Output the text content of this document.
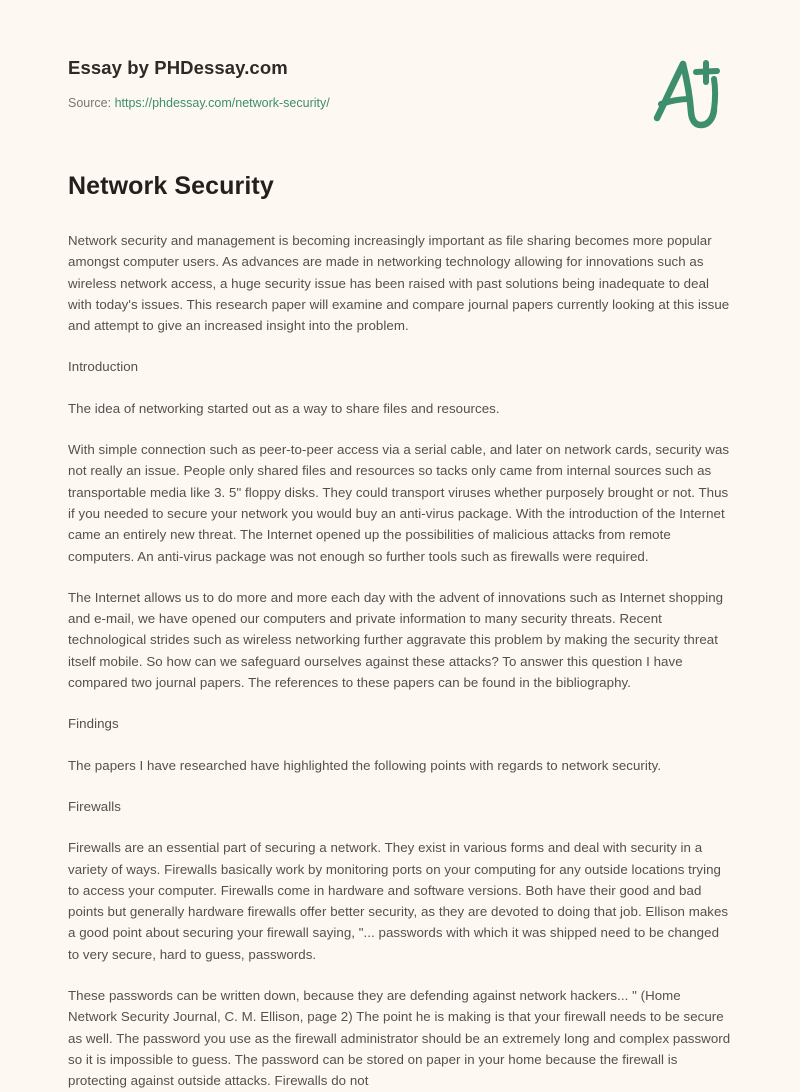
Essay by PHDessay.com
Source: https://phdessay.com/network-security/
Network Security

Network security and management is becoming increasingly important as file sharing becomes more popular amongst computer users. As advances are made in networking technology allowing for innovations such as wireless network access, a huge security issue has been raised with past solutions being inadequate to deal with today's issues. This research paper will examine and compare journal papers currently looking at this issue and attempt to give an increased insight into the problem.

Introduction

The idea of networking started out as a way to share files and resources.

With simple connection such as peer-to-peer access via a serial cable, and later on network cards, security was not really an issue. People only shared files and resources so tacks only came from internal sources such as transportable media like 3. 5" floppy disks. They could transport viruses whether purposely brought or not. Thus if you needed to secure your network you would buy an anti-virus package. With the introduction of the Internet came an entirely new threat. The Internet opened up the possibilities of malicious attacks from remote computers. An anti-virus package was not enough so further tools such as firewalls were required.

The Internet allows us to do more and more each day with the advent of innovations such as Internet shopping and e-mail, we have opened our computers and private information to many security threats. Recent technological strides such as wireless networking further aggravate this problem by making the security threat itself mobile. So how can we safeguard ourselves against these attacks? To answer this question I have compared two journal papers. The references to these papers can be found in the bibliography.

Findings

The papers I have researched have highlighted the following points with regards to network security.

Firewalls

Firewalls are an essential part of securing a network. They exist in various forms and deal with security in a variety of ways. Firewalls basically work by monitoring ports on your computing for any outside locations trying to access your computer. Firewalls come in hardware and software versions. Both have their good and bad points but generally hardware firewalls offer better security, as they are devoted to doing that job. Ellison makes a good point about securing your firewall saying, "... passwords with which it was shipped need to be changed to very secure, hard to guess, passwords.

These passwords can be written down, because they are defending against network hackers... " (Home Network Security Journal, C. M. Ellison, page 2) The point he is making is that your firewall needs to be secure as well. The password you use as the firewall administrator should be an extremely long and complex password so it is impossible to guess. The password can be stored on paper in your home because the firewall is protecting against outside attacks. Firewalls do not
